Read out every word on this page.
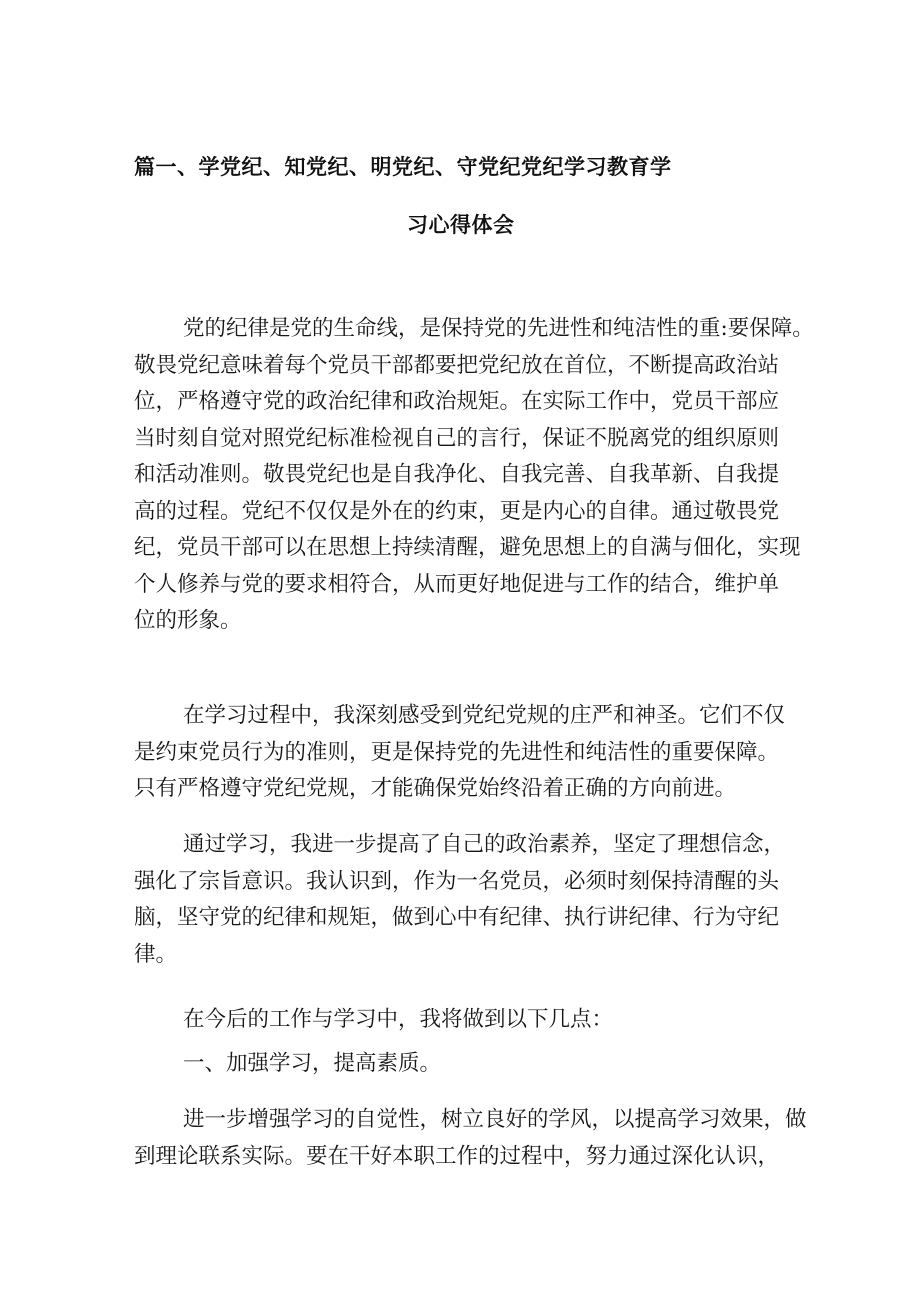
篇一、学党纪、知党纪、明党纪、守党纪党纪学习教育学
习心得体会
党的纪律是党的生命线，是保持党的先进性和纯洁性的重:要保障。
敬畏党纪意味着每个党员干部都要把党纪放在首位，不断提高政治站
位，严格遵守党的政治纪律和政治规矩。在实际工作中，党员干部应
当时刻自觉对照党纪标准检视自己的言行，保证不脱离党的组织原则
和活动准则。敬畏党纪也是自我净化、自我完善、自我革新、自我提
高的过程。党纪不仅仅是外在的约束，更是内心的自律。通过敬畏党
纪，党员干部可以在思想上持续清醒，避免思想上的自满与佃化，实现
个人修养与党的要求相符合，从而更好地促进与工作的结合，维护单
位的形象。
在学习过程中，我深刻感受到党纪党规的庄严和神圣。它们不仅
是约束党员行为的准则，更是保持党的先进性和纯洁性的重要保障。
只有严格遵守党纪党规，才能确保党始终沿着正确的方向前进。
通过学习，我进一步提高了自己的政治素养，坚定了理想信念，
强化了宗旨意识。我认识到，作为一名党员，必须时刻保持清醒的头
脑，坚守党的纪律和规矩，做到心中有纪律、执行讲纪律、行为守纪
律。
在今后的工作与学习中，我将做到以下几点：
一、加强学习，提高素质。
进一步增强学习的自觉性，树立良好的学风，以提高学习效果，做
到理论联系实际。要在干好本职工作的过程中，努力通过深化认识，
